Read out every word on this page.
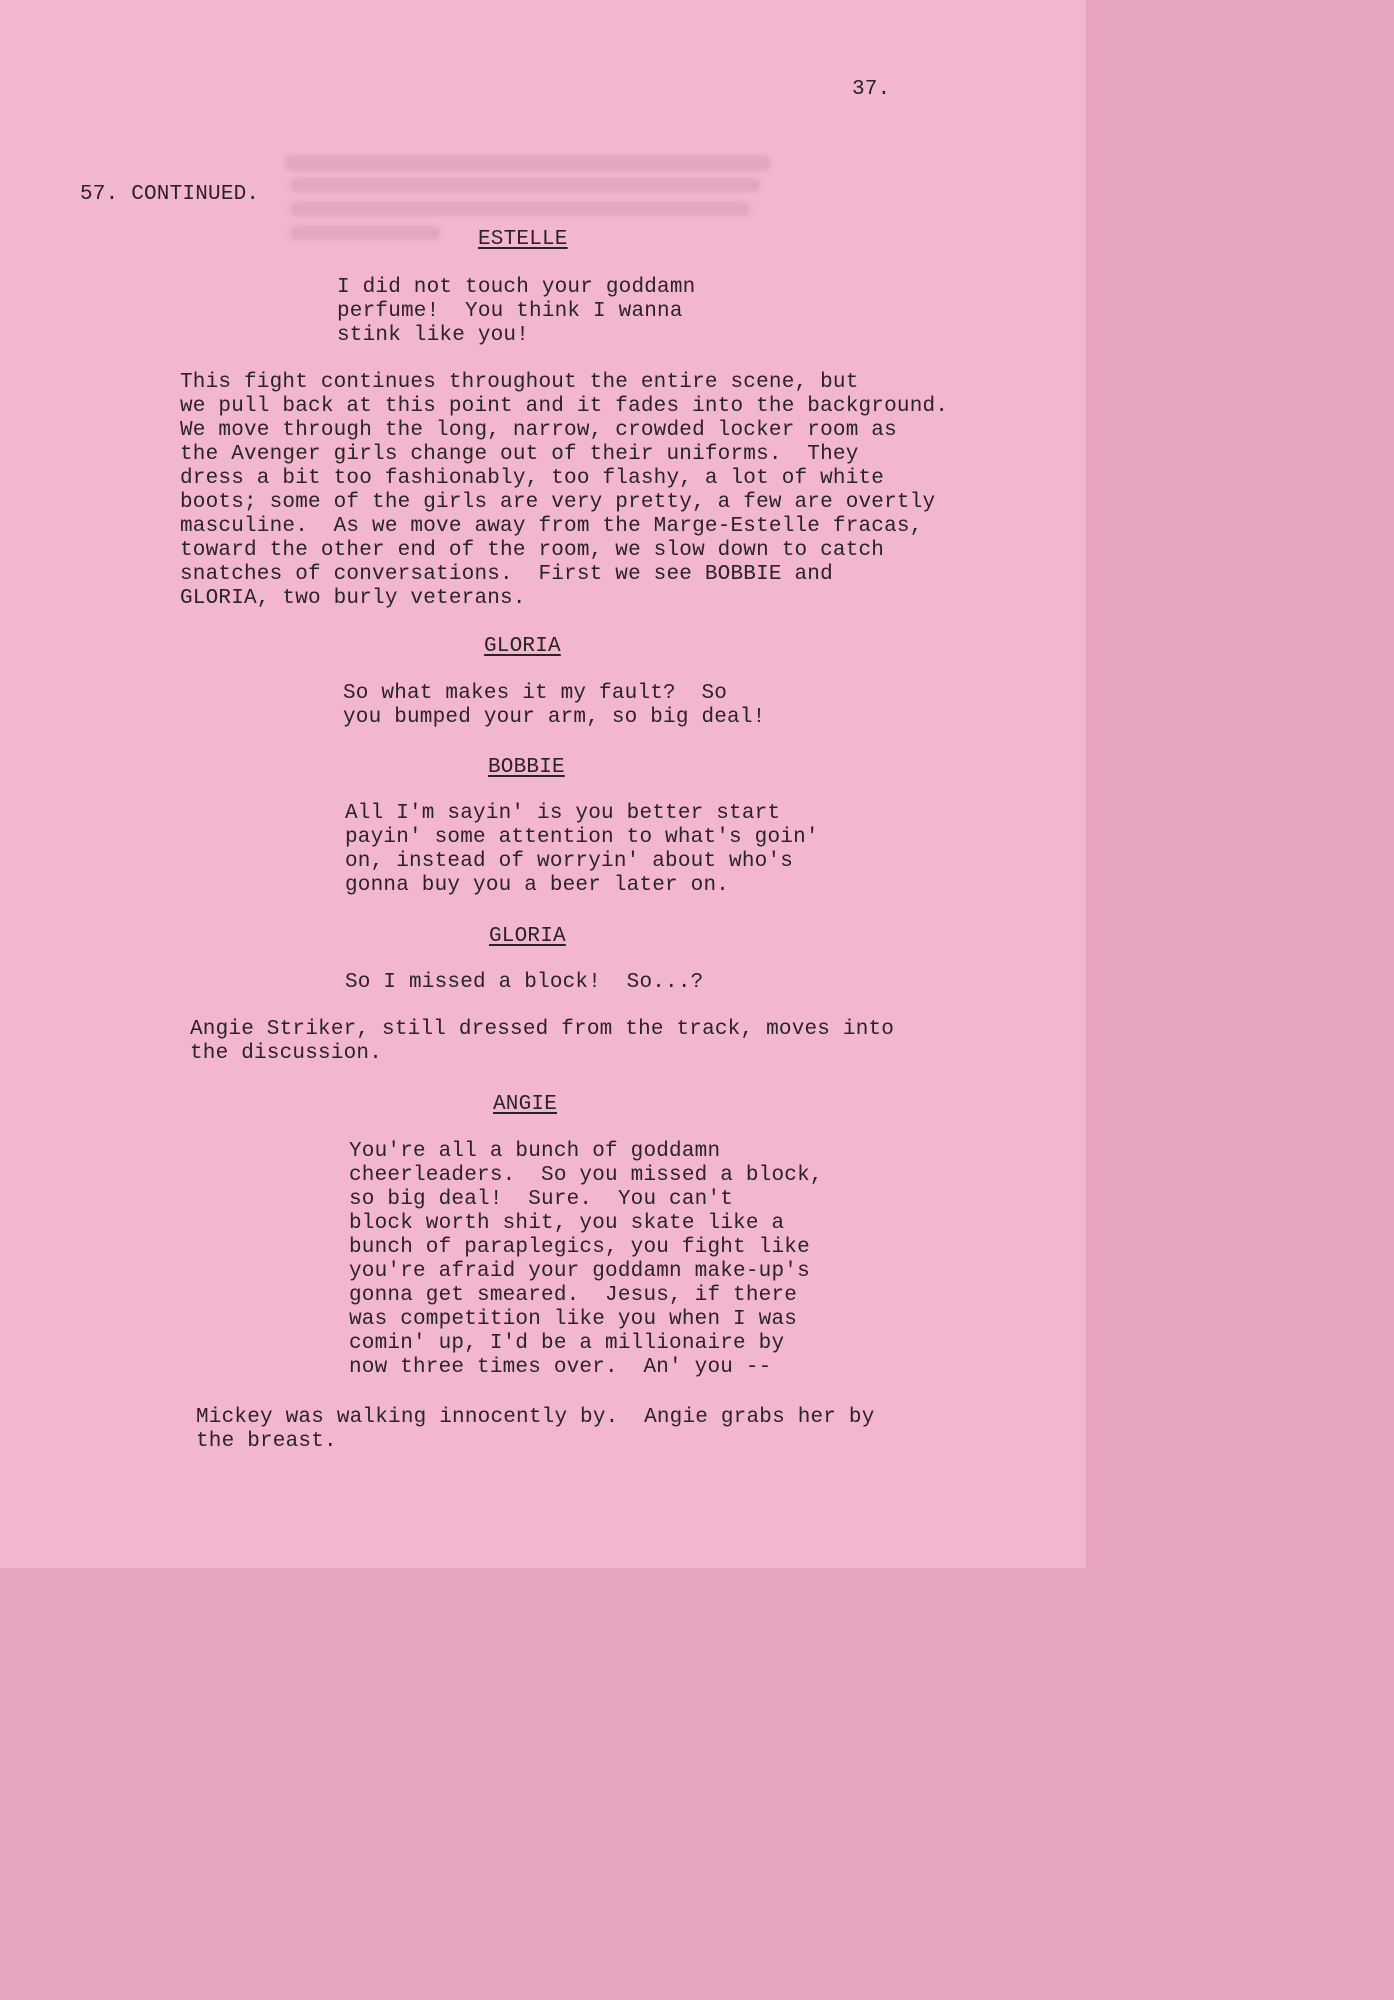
37.
57. CONTINUED.
ESTELLE
I did not touch your goddamn
perfume!  You think I wanna
stink like you!
This fight continues throughout the entire scene, but
we pull back at this point and it fades into the background.
We move through the long, narrow, crowded locker room as
the Avenger girls change out of their uniforms.  They
dress a bit too fashionably, too flashy, a lot of white
boots; some of the girls are very pretty, a few are overtly
masculine.  As we move away from the Marge-Estelle fracas,
toward the other end of the room, we slow down to catch
snatches of conversations.  First we see BOBBIE and
GLORIA, two burly veterans.
GLORIA
So what makes it my fault?  So
you bumped your arm, so big deal!
BOBBIE
All I'm sayin' is you better start
payin' some attention to what's goin'
on, instead of worryin' about who's
gonna buy you a beer later on.
GLORIA
So I missed a block!  So...?
Angie Striker, still dressed from the track, moves into
the discussion.
ANGIE
You're all a bunch of goddamn
cheerleaders.  So you missed a block,
so big deal!  Sure.  You can't
block worth shit, you skate like a
bunch of paraplegics, you fight like
you're afraid your goddamn make-up's
gonna get smeared.  Jesus, if there
was competition like you when I was
comin' up, I'd be a millionaire by
now three times over.  An' you --
Mickey was walking innocently by.  Angie grabs her by
the breast.
